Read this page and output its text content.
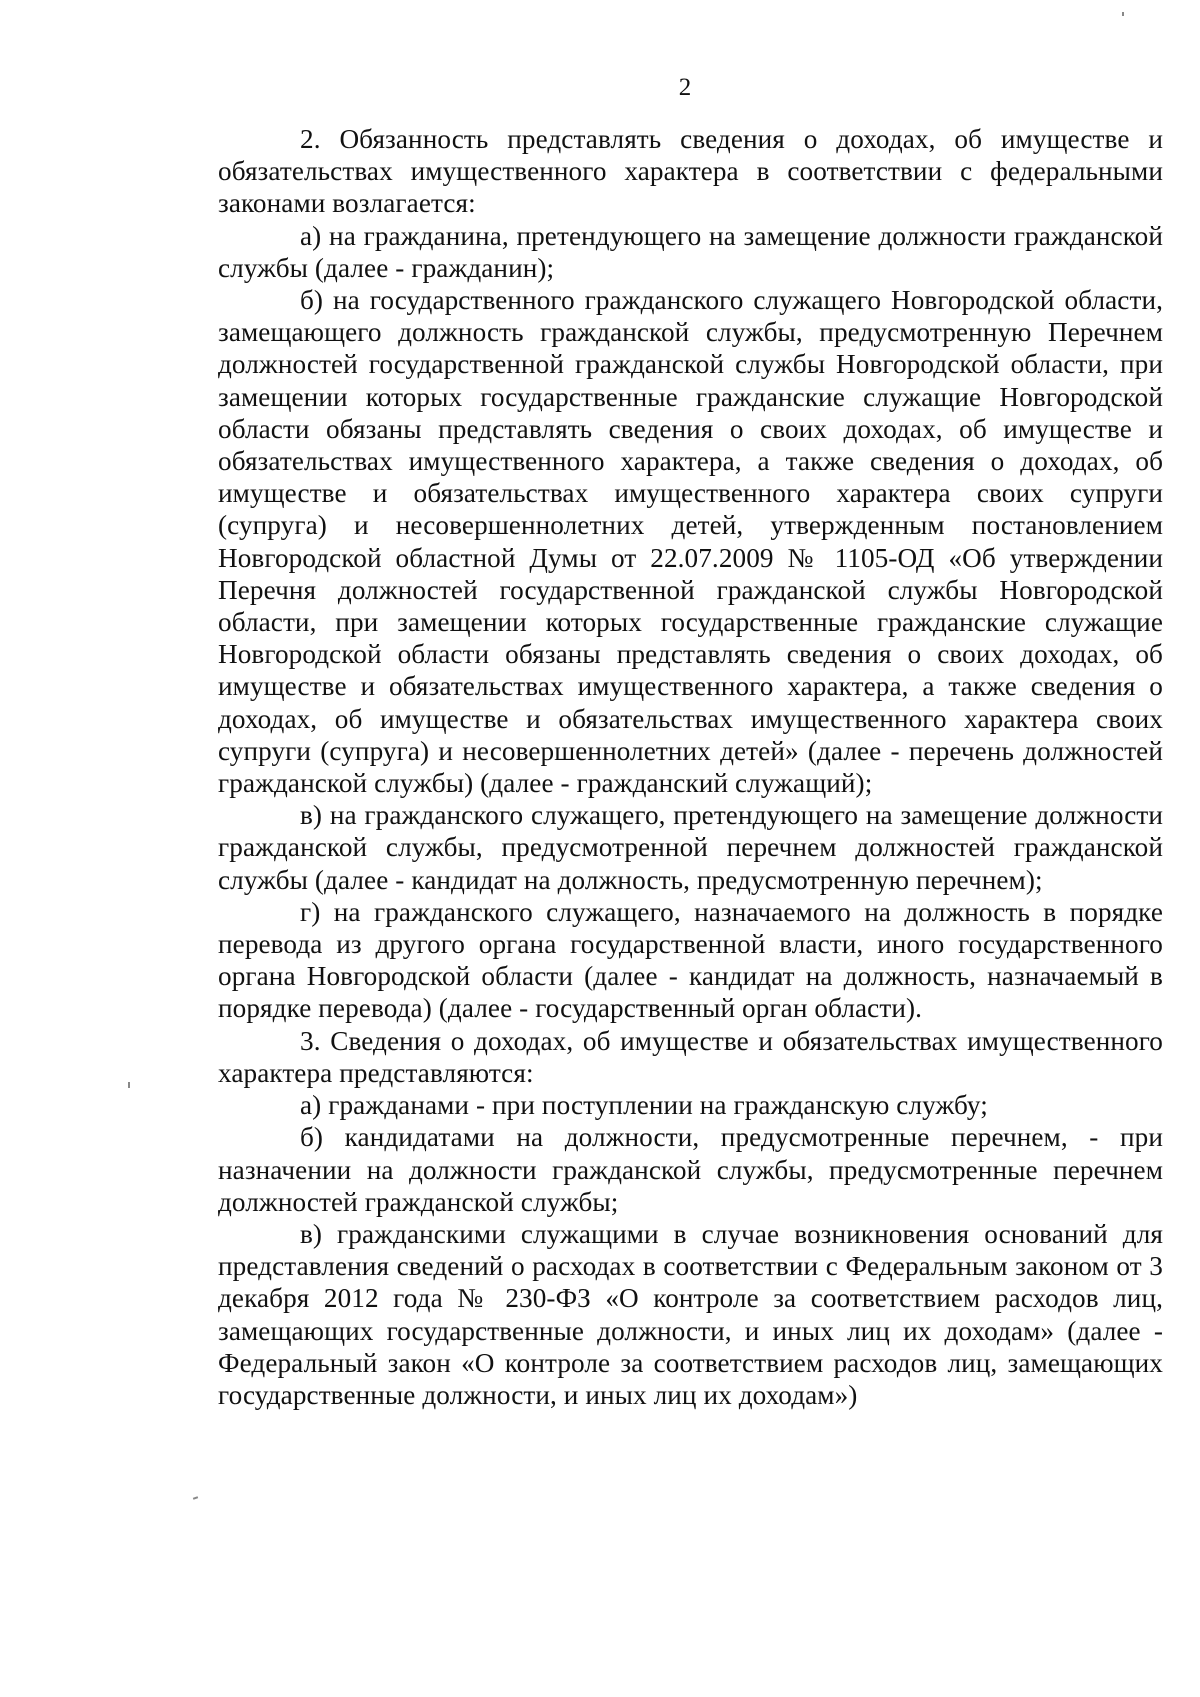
2

2. Обязанность представлять сведения о доходах, об имуществе и обязательствах имущественного характера в соответствии с федеральными законами возлагается:

а) на гражданина, претендующего на замещение должности гражданской службы (далее - гражданин);

б) на государственного гражданского служащего Новгородской области, замещающего должность гражданской службы, предусмотренную Перечнем должностей государственной гражданской службы Новгородской области, при замещении которых государственные гражданские служащие Новгородской области обязаны представлять сведения о своих доходах, об имуществе и обязательствах имущественного характера, а также сведения о доходах, об имуществе и обязательствах имущественного характера своих супруги (супруга) и несовершеннолетних детей, утвержденным постановлением Новгородской областной Думы от 22.07.2009 № 1105-ОД «Об утверждении Перечня должностей государственной гражданской службы Новгородской области, при замещении которых государственные гражданские служащие Новгородской области обязаны представлять сведения о своих доходах, об имуществе и обязательствах имущественного характера, а также сведения о доходах, об имуществе и обязательствах имущественного характера своих супруги (супруга) и несовершеннолетних детей» (далее - перечень должностей гражданской службы) (далее - гражданский служащий);

в) на гражданского служащего, претендующего на замещение должности гражданской службы, предусмотренной перечнем должностей гражданской службы (далее - кандидат на должность, предусмотренную перечнем);

г) на гражданского служащего, назначаемого на должность в порядке перевода из другого органа государственной власти, иного государственного органа Новгородской области (далее - кандидат на должность, назначаемый в порядке перевода) (далее - государственный орган области).

3. Сведения о доходах, об имуществе и обязательствах имущественного характера представляются:

а) гражданами - при поступлении на гражданскую службу;

б) кандидатами на должности, предусмотренные перечнем, - при назначении на должности гражданской службы, предусмотренные перечнем должностей гражданской службы;

в) гражданскими служащими в случае возникновения оснований для представления сведений о расходах в соответствии с Федеральным законом от 3 декабря 2012 года № 230-ФЗ «О контроле за соответствием расходов лиц, замещающих государственные должности, и иных лиц их доходам» (далее - Федеральный закон «О контроле за соответствием расходов лиц, замещающих государственные должности, и иных лиц их доходам»)
